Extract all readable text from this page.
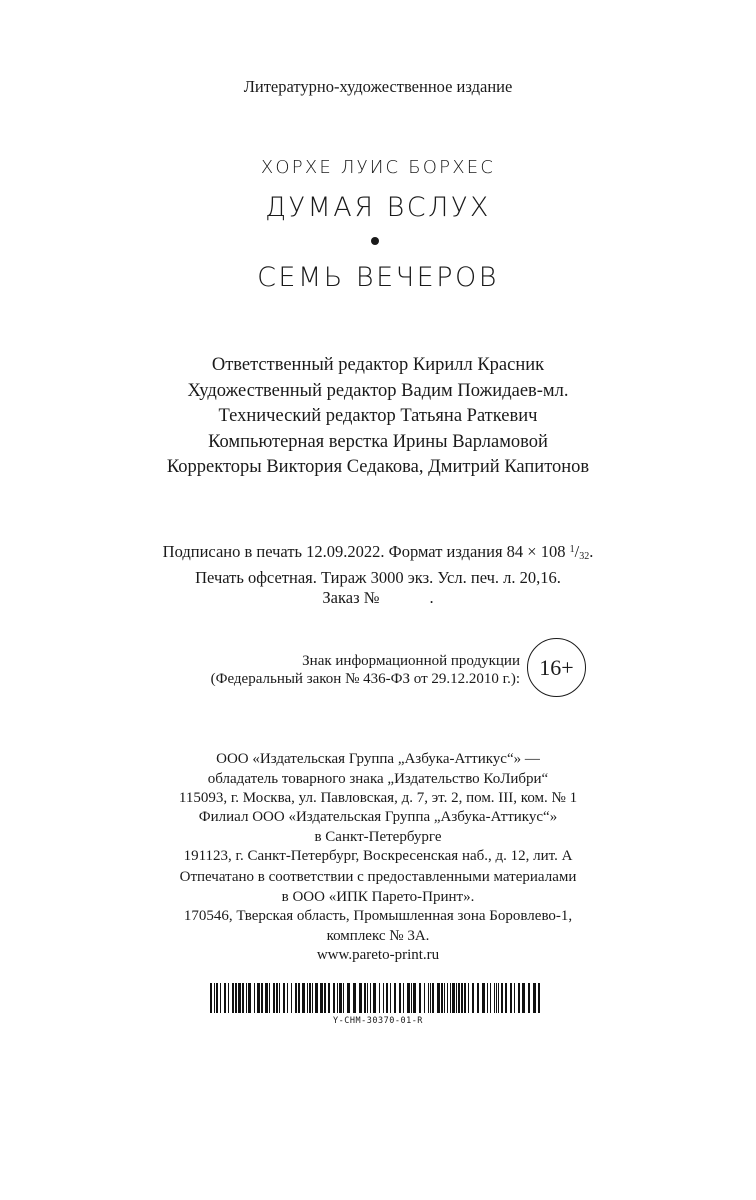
Литературно-художественное издание
ХОРХЕ ЛУИС БОРХЕС
ДУМАЯ ВСЛУХ
СЕМЬ ВЕЧЕРОВ
Ответственный редактор Кирилл Красник
Художественный редактор Вадим Пожидаев-мл.
Технический редактор Татьяна Раткевич
Компьютерная верстка Ирины Варламовой
Корректоры Виктория Седакова, Дмитрий Капитонов
Подписано в печать 12.09.2022. Формат издания 84 × 108 $^1/_{32}$.
Печать офсетная. Тираж 3000 экз. Усл. печ. л. 20,16.
Заказ №	.
Знак информационной продукции
(Федеральный закон № 436-ФЗ от 29.12.2010 г.): 16+
ООО «Издательская Группа „Азбука-Аттикус“» —
обладатель товарного знака „Издательство КоЛибри“
115093, г. Москва, ул. Павловская, д. 7, эт. 2, пом. III, ком. № 1
Филиал ООО «Издательская Группа „Азбука-Аттикус“»
в Санкт-Петербурге
191123, г. Санкт-Петербург, Воскресенская наб., д. 12, лит. А
Отпечатано в соответствии с предоставленными материалами
в ООО «ИПК Парето-Принт».
170546, Тверская область, Промышленная зона Боровлево-1,
комплекс № 3А.
www.pareto-print.ru
Y-CHM-30370-01-R
